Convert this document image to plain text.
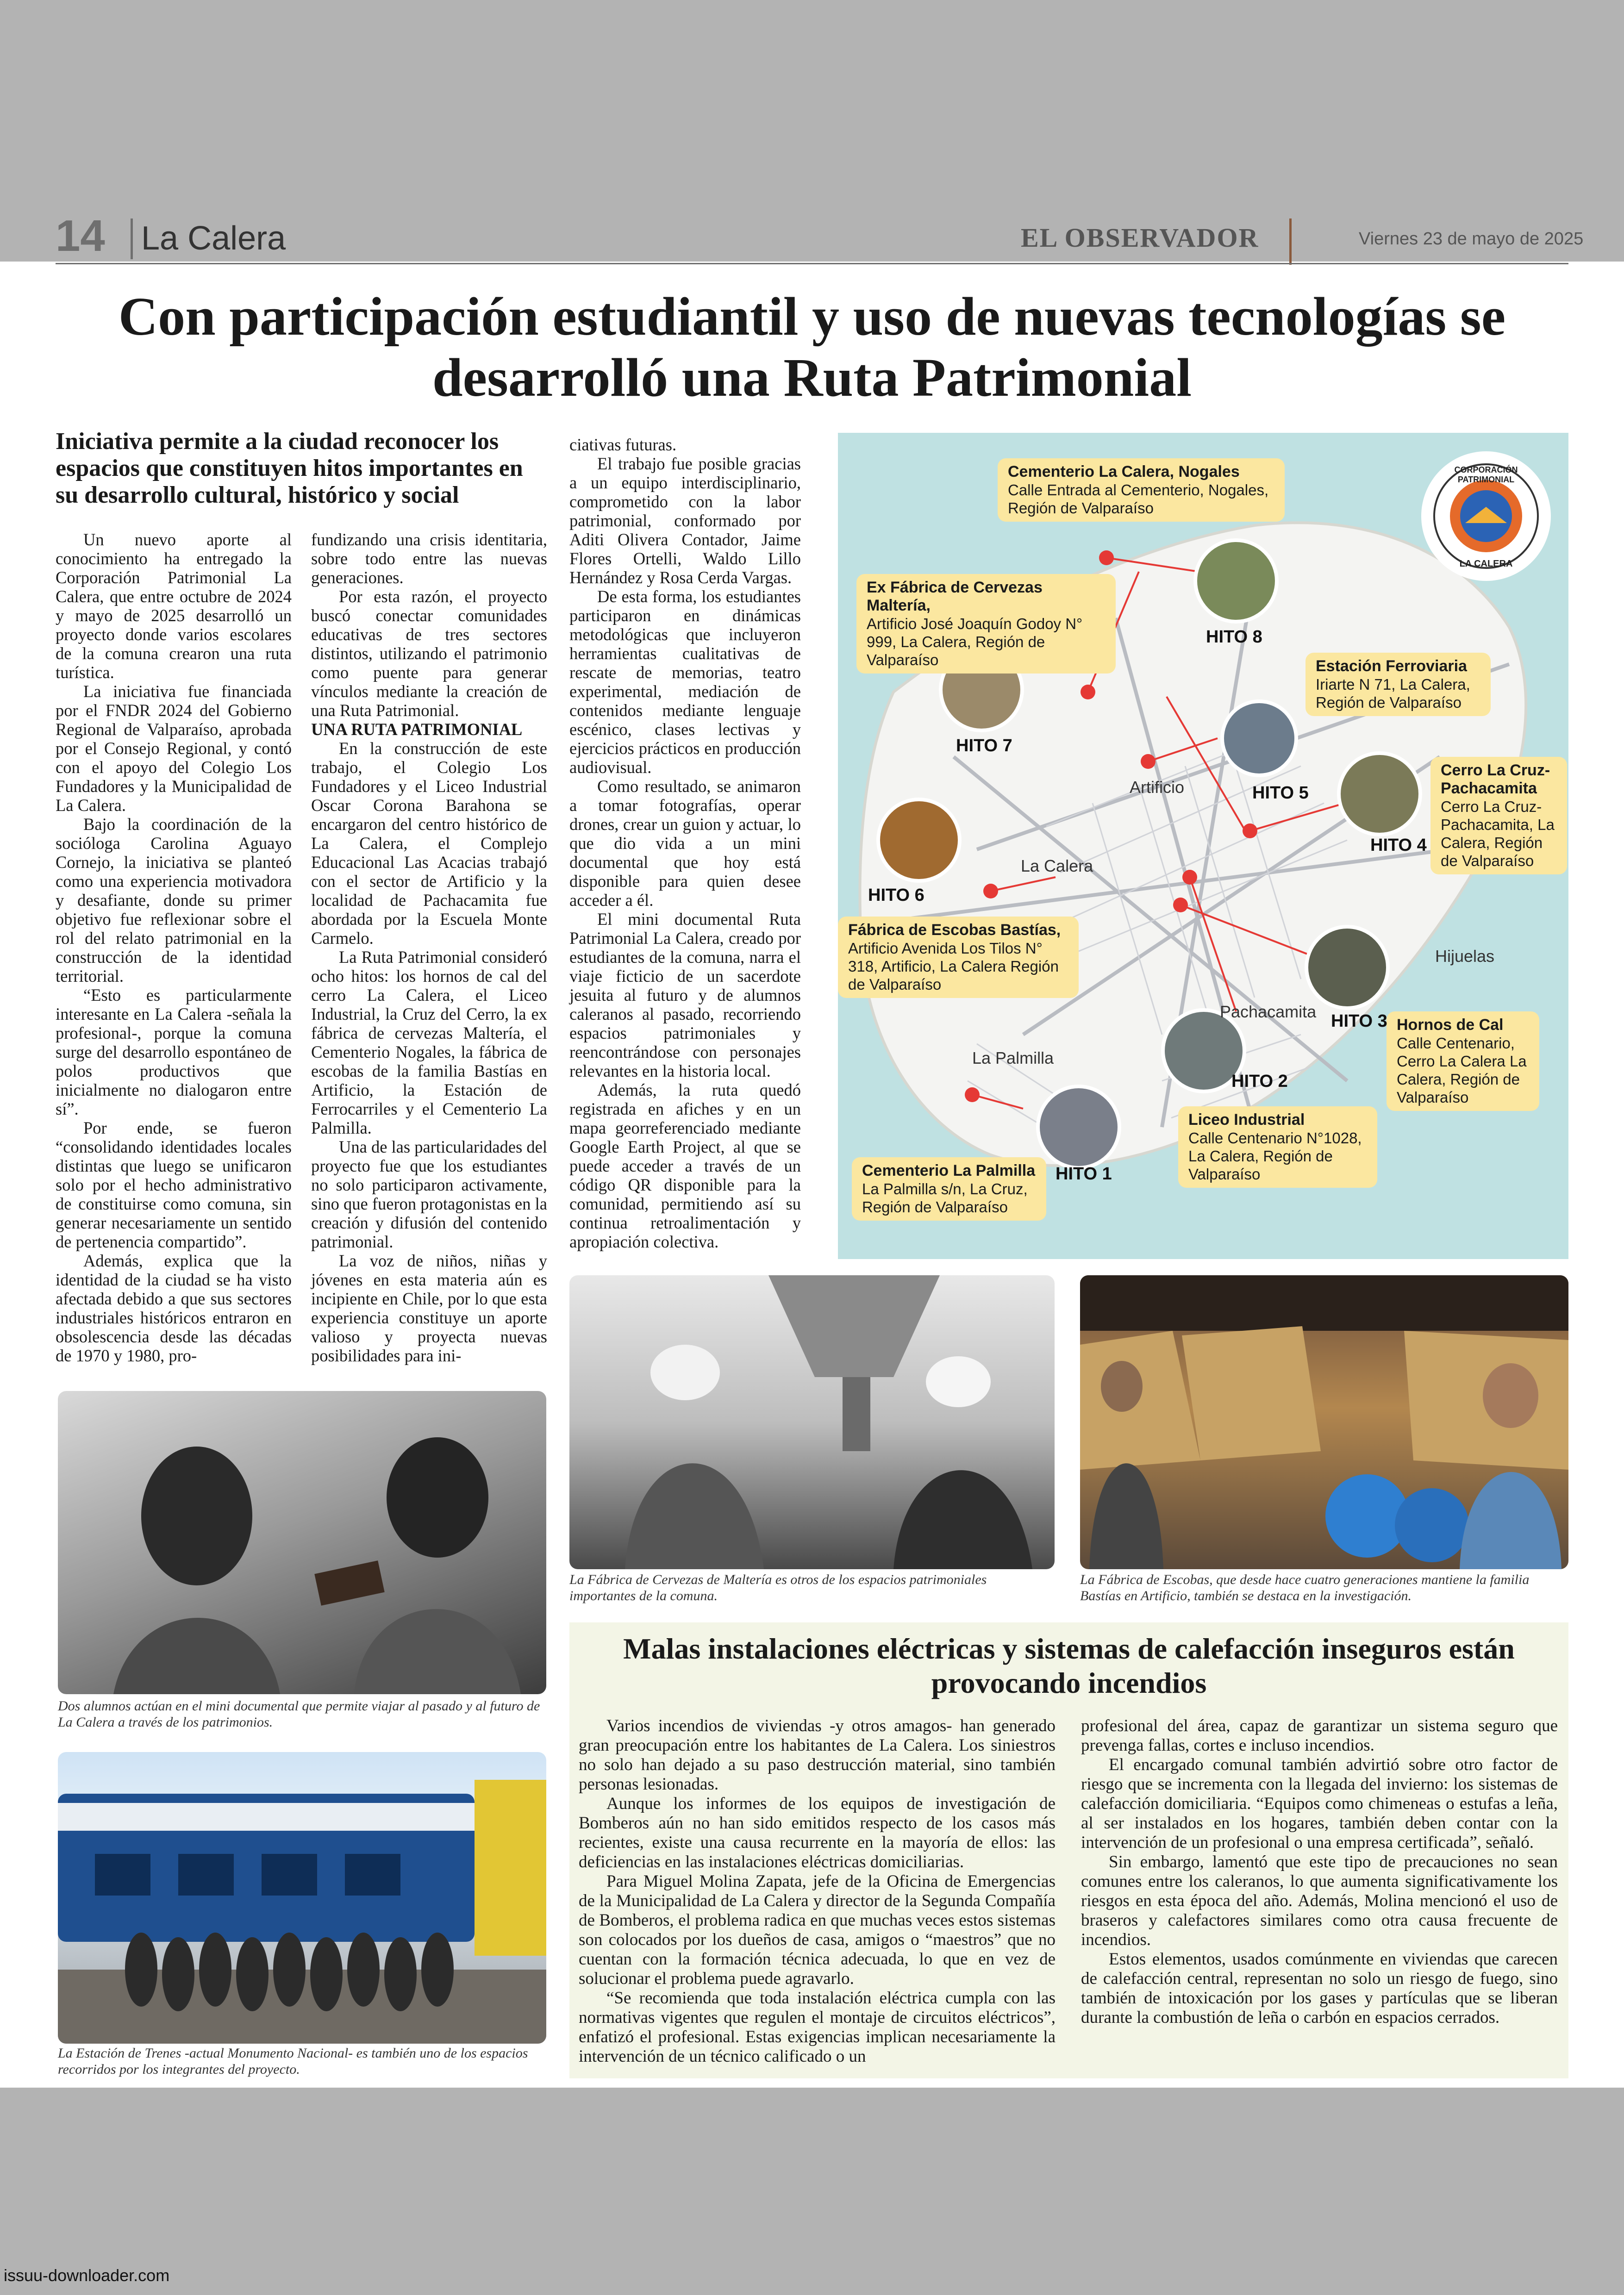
14 La Calera	EL OBSERVADOR	Viernes 23 de mayo de 2025
Con participación estudiantil y uso de nuevas tecnologías se desarrolló una Ruta Patrimonial
Iniciativa permite a la ciudad reconocer los espacios que constituyen hitos importantes en su desarrollo cultural, histórico y social

Un nuevo aporte al conocimiento ha entregado la Corporación Patrimonial La Calera, que entre octubre de 2024 y mayo de 2025 desarrolló un proyecto donde varios escolares de la comuna crearon una ruta turística.

La iniciativa fue financiada por el FNDR 2024 del Gobierno Regional de Valparaíso, aprobada por el Consejo Regional, y contó con el apoyo del Colegio Los Fundadores y la Municipalidad de La Calera.

Bajo la coordinación de la socióloga Carolina Aguayo Cornejo, la iniciativa se planteó como una experiencia motivadora y desafiante, donde su primer objetivo fue reflexionar sobre el rol del relato patrimonial en la construcción de la identidad territorial.

“Esto es particularmente interesante en La Calera -señala la profesional-, porque la comuna surge del desarrollo espontáneo de polos productivos que inicialmente no dialogaron entre sí”.

Por ende, se fueron “consolidando identidades locales distintas que luego se unificaron solo por el hecho administrativo de constituirse como comuna, sin generar necesariamente un sentido de pertenencia compartido”.

Además, explica que la identidad de la ciudad se ha visto afectada debido a que sus sectores industriales históricos entraron en obsolescencia desde las décadas de 1970 y 1980, pro-

fundizando una crisis identitaria, sobre todo entre las nuevas generaciones.

Por esta razón, el proyecto buscó conectar comunidades educativas de tres sectores distintos, utilizando el patrimonio como puente para generar vínculos mediante la creación de una Ruta Patrimonial.

UNA RUTA PATRIMONIAL

En la construcción de este trabajo, el Colegio Los Fundadores y el Liceo Industrial Oscar Corona Barahona se encargaron del centro histórico de La Calera, el Complejo Educacional Las Acacias trabajó con el sector de Artificio y la localidad de Pachacamita fue abordada por la Escuela Monte Carmelo.

La Ruta Patrimonial consideró ocho hitos: los hornos de cal del cerro La Calera, el Liceo Industrial, la Cruz del Cerro, la ex fábrica de cervezas Maltería, el Cementerio Nogales, la fábrica de escobas de la familia Bastías en Artificio, la Estación de Ferrocarriles y el Cementerio La Palmilla.

Una de las particularidades del proyecto fue que los estudiantes no solo participaron activamente, sino que fueron protagonistas en la creación y difusión del contenido patrimonial.

La voz de niños, niñas y jóvenes en esta materia aún es incipiente en Chile, por lo que esta experiencia constituye un aporte valioso y proyecta nuevas posibilidades para ini-

ciativas futuras.

El trabajo fue posible gracias a un equipo interdisciplinario, comprometido con la labor patrimonial, conformado por Aditi Olivera Contador, Jaime Flores Ortelli, Waldo Lillo Hernández y Rosa Cerda Vargas.

De esta forma, los estudiantes participaron en dinámicas metodológicas que incluyeron herramientas cualitativas de rescate de memorias, teatro experimental, mediación de contenidos mediante lenguaje escénico, clases lectivas y ejercicios prácticos en producción audiovisual.

Como resultado, se animaron a tomar fotografías, operar drones, crear un guion y actuar, lo que dio vida a un mini documental que hoy está disponible para quien desee acceder a él.

El mini documental Ruta Patrimonial La Calera, creado por estudiantes de la comuna, narra el viaje ficticio de un sacerdote jesuita al futuro y de alumnos caleranos al pasado, recorriendo espacios patrimoniales y reencontrándose con personajes relevantes en la historia local.

Además, la ruta quedó registrada en afiches y en un mapa georreferenciado mediante Google Earth Project, al que se puede acceder a través de un código QR disponible para la comunidad, permitiendo así su continua retroalimentación y apropiación colectiva.

CORPORACIÓN PATRIMONIAL
LA CALERA
Artificio
La Calera
Hijuelas
Pachacamita
La Palmilla
Cementerio La Calera, Nogales
Calle Entrada al Cementerio, Nogales, Región de Valparaíso
Ex Fábrica de Cervezas Maltería,
Artificio José Joaquín Godoy N° 999, La Calera, Región de Valparaíso	Estación Ferroviaria
Iriarte N 71, La Calera, Región de Valparaíso
Cerro La Cruz-Pachacamita
Cerro La Cruz-Pachacamita, La Calera, Región de Valparaíso
Fábrica de Escobas Bastías,
Artificio Avenida Los Tilos N° 318, Artificio, La Calera Región de Valparaíso
Hornos de Cal
Calle Centenario, Cerro La Calera La Calera, Región de Valparaíso
Liceo Industrial
Calle Centenario N°1028, La Calera, Región de Valparaíso
Cementerio La Palmilla
La Palmilla s/n, La Cruz, Región de Valparaíso
HITO 8
HITO 7
HITO 5
HITO 4
HITO 6
HITO 3
HITO 2
HITO 1
Dos alumnos actúan en el mini documental que permite viajar al pasado y al futuro de La Calera a través de los patrimonios.
La Estación de Trenes -actual Monumento Nacional- es también uno de los espacios recorridos por los integrantes del proyecto.
La Fábrica de Cervezas de Maltería es otros de los espacios patrimoniales importantes de la comuna.
La Fábrica de Escobas, que desde hace cuatro generaciones mantiene la familia Bastías en Artificio, también se destaca en la investigación.
Malas instalaciones eléctricas y sistemas de calefacción inseguros están provocando incendios

Varios incendios de viviendas -y otros amagos- han generado gran preocupación entre los habitantes de La Calera. Los siniestros no solo han dejado a su paso destrucción material, sino también personas lesionadas.

Aunque los informes de los equipos de investigación de Bomberos aún no han sido emitidos respecto de los casos más recientes, existe una causa recurrente en la mayoría de ellos: las deficiencias en las instalaciones eléctricas domiciliarias.

Para Miguel Molina Zapata, jefe de la Oficina de Emergencias de la Municipalidad de La Calera y director de la Segunda Compañía de Bomberos, el problema radica en que muchas veces estos sistemas son colocados por los dueños de casa, amigos o “maestros” que no cuentan con la formación técnica adecuada, lo que en vez de solucionar el problema puede agravarlo.

“Se recomienda que toda instalación eléctrica cumpla con las normativas vigentes que regulen el montaje de circuitos eléctricos”, enfatizó el profesional. Estas exigencias implican necesariamente la intervención de un técnico calificado o un

profesional del área, capaz de garantizar un sistema seguro que prevenga fallas, cortes e incluso incendios.

El encargado comunal también advirtió sobre otro factor de riesgo que se incrementa con la llegada del invierno: los sistemas de calefacción domiciliaria. “Equipos como chimeneas o estufas a leña, al ser instalados en los hogares, también deben contar con la intervención de un profesional o una empresa certificada”, señaló.

Sin embargo, lamentó que este tipo de precauciones no sean comunes entre los caleranos, lo que aumenta significativamente los riesgos en esta época del año. Además, Molina mencionó el uso de braseros y calefactores similares como otra causa frecuente de incendios.

Estos elementos, usados comúnmente en viviendas que carecen de calefacción central, representan no solo un riesgo de fuego, sino también de intoxicación por los gases y partículas que se liberan durante la combustión de leña o carbón en espacios cerrados.

issuu-downloader.com
